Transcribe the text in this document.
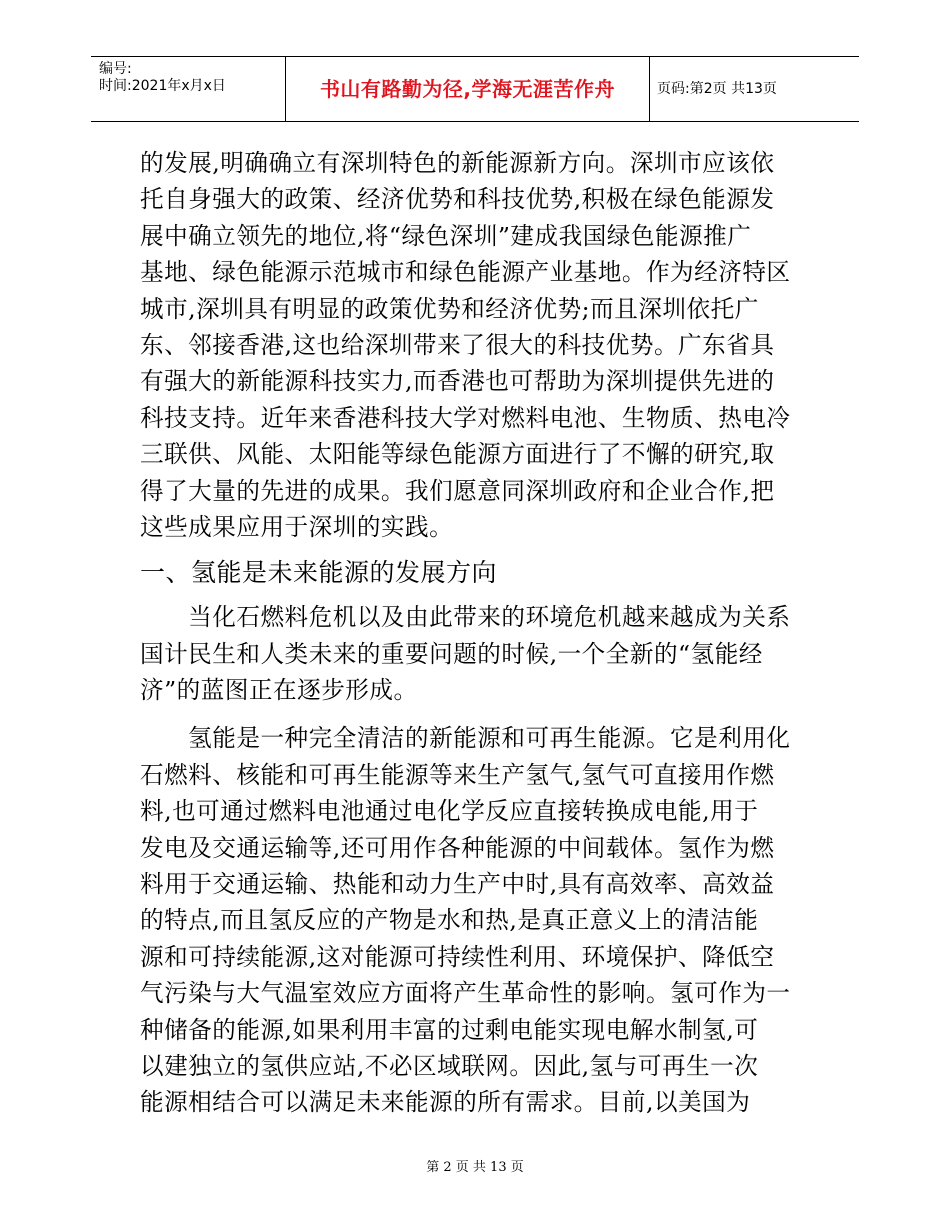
编号:
时间:2021年x月x日	书山有路勤为径,学海无涯苦作舟	页码:第2页 共13页
的发展,明确确立有深圳特色的新能源新方向。深圳市应该依
托自身强大的政策、经济优势和科技优势,积极在绿色能源发
展中确立领先的地位,将“绿色深圳”建成我国绿色能源推广
基地、绿色能源示范城市和绿色能源产业基地。作为经济特区
城市,深圳具有明显的政策优势和经济优势;而且深圳依托广
东、邻接香港,这也给深圳带来了很大的科技优势。广东省具
有强大的新能源科技实力,而香港也可帮助为深圳提供先进的
科技支持。近年来香港科技大学对燃料电池、生物质、热电冷
三联供、风能、太阳能等绿色能源方面进行了不懈的研究,取
得了大量的先进的成果。我们愿意同深圳政府和企业合作,把
这些成果应用于深圳的实践。
一、氢能是未来能源的发展方向
　　当化石燃料危机以及由此带来的环境危机越来越成为关系
国计民生和人类未来的重要问题的时候,一个全新的“氢能经
济”的蓝图正在逐步形成。
　　氢能是一种完全清洁的新能源和可再生能源。它是利用化
石燃料、核能和可再生能源等来生产氢气,氢气可直接用作燃
料,也可通过燃料电池通过电化学反应直接转换成电能,用于
发电及交通运输等,还可用作各种能源的中间载体。氢作为燃
料用于交通运输、热能和动力生产中时,具有高效率、高效益
的特点,而且氢反应的产物是水和热,是真正意义上的清洁能
源和可持续能源,这对能源可持续性利用、环境保护、降低空
气污染与大气温室效应方面将产生革命性的影响。氢可作为一
种储备的能源,如果利用丰富的过剩电能实现电解水制氢,可
以建独立的氢供应站,不必区域联网。因此,氢与可再生一次
能源相结合可以满足未来能源的所有需求。目前,以美国为
第 2 页 共 13 页
